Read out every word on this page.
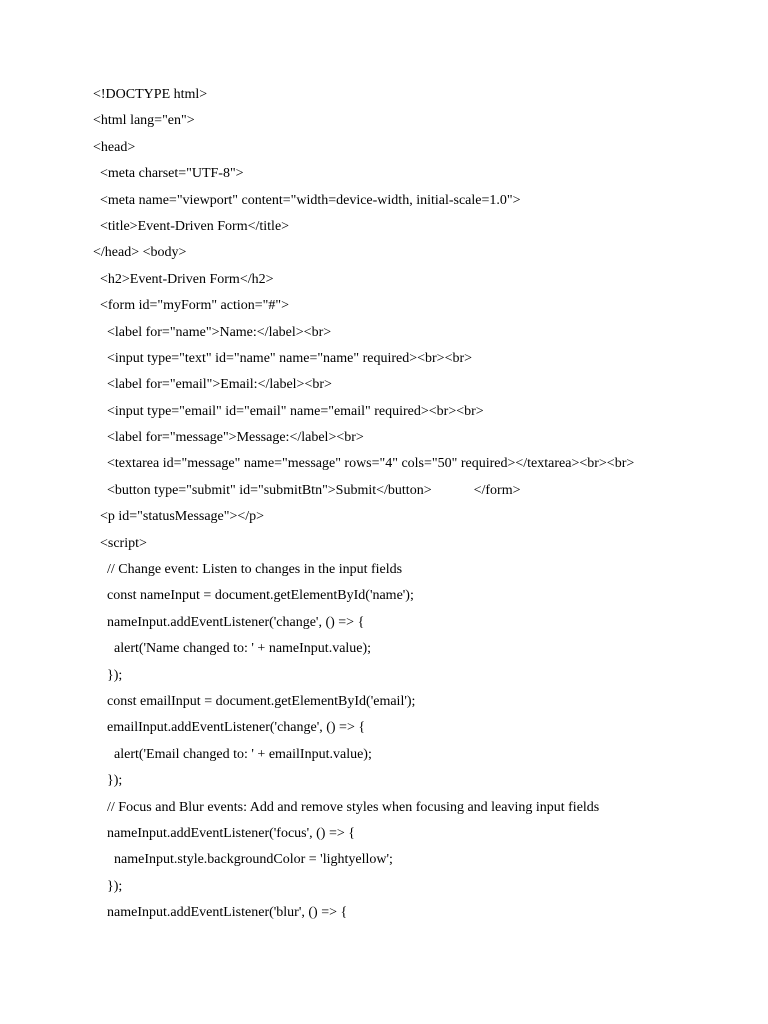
<!DOCTYPE html>
<html lang="en">
<head>
<meta charset="UTF-8">
<meta name="viewport" content="width=device-width, initial-scale=1.0">
<title>Event-Driven Form</title>
</head> <body>
<h2>Event-Driven Form</h2>
<form id="myForm" action="#">
<label for="name">Name:</label><br>
<input type="text" id="name" name="name" required><br><br>
<label for="email">Email:</label><br>
<input type="email" id="email" name="email" required><br><br>
<label for="message">Message:</label><br>
<textarea id="message" name="message" rows="4" cols="50" required></textarea><br><br>
<button type="submit" id="submitBtn">Submit</button>            </form>
<p id="statusMessage"></p>
<script>
// Change event: Listen to changes in the input fields
const nameInput = document.getElementById('name');
nameInput.addEventListener('change', () => {
alert('Name changed to: ' + nameInput.value);
});
const emailInput = document.getElementById('email');
emailInput.addEventListener('change', () => {
alert('Email changed to: ' + emailInput.value);
});
// Focus and Blur events: Add and remove styles when focusing and leaving input fields
nameInput.addEventListener('focus', () => {
nameInput.style.backgroundColor = 'lightyellow';
});
nameInput.addEventListener('blur', () => {
